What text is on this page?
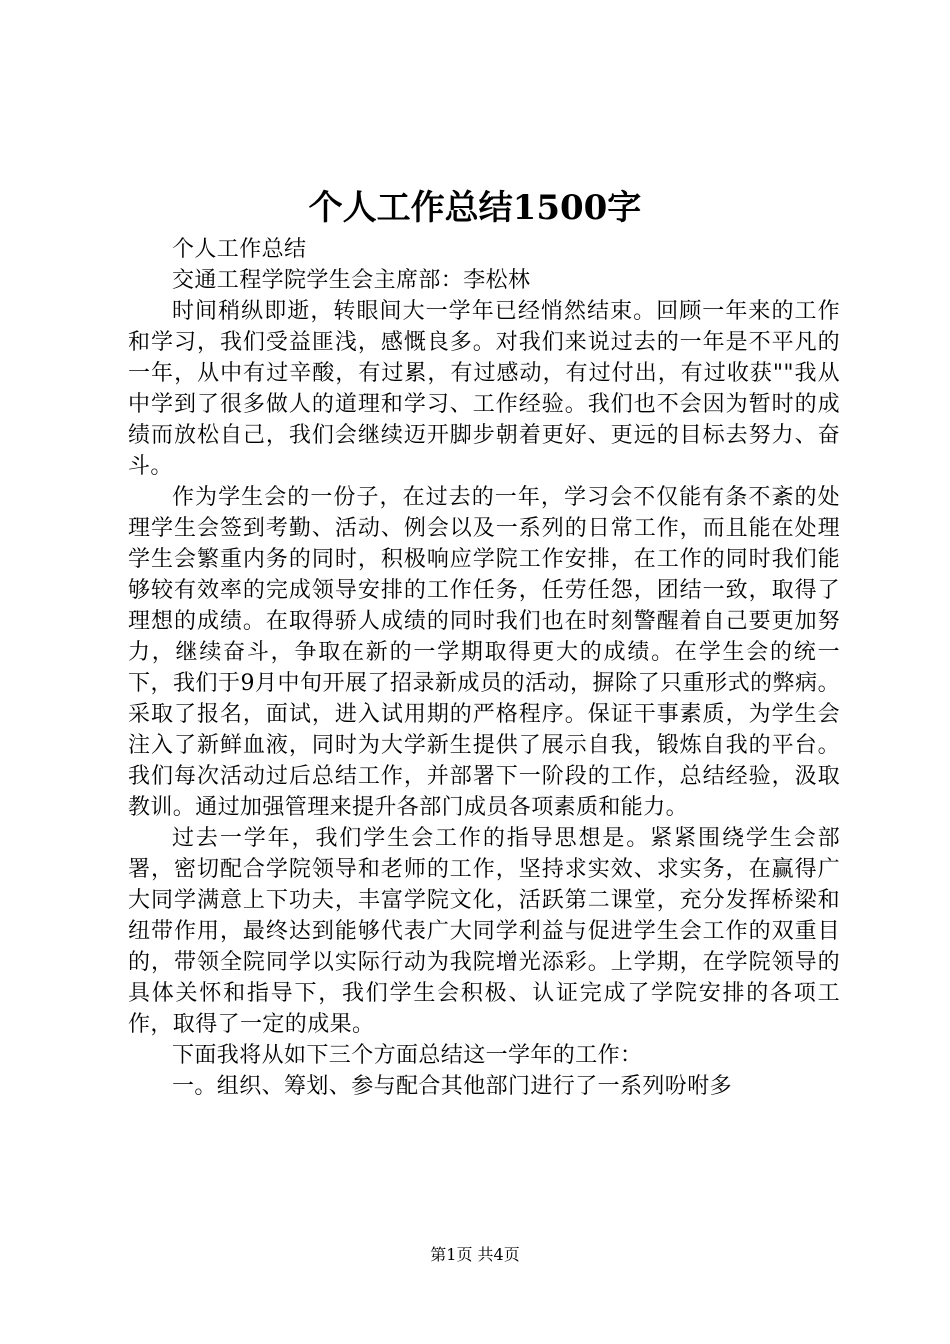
个人工作总结1500字

个人工作总结

交通工程学院学生会主席部：李松林

时间稍纵即逝，转眼间大一学年已经悄然结束。回顾一年来的工作和学习，我们受益匪浅，感慨良多。对我们来说过去的一年是不平凡的一年，从中有过辛酸，有过累，有过感动，有过付出，有过收获""我从中学到了很多做人的道理和学习、工作经验。我们也不会因为暂时的成绩而放松自己，我们会继续迈开脚步朝着更好、更远的目标去努力、奋斗。

作为学生会的一份子，在过去的一年，学习会不仅能有条不紊的处理学生会签到考勤、活动、例会以及一系列的日常工作，而且能在处理学生会繁重内务的同时，积极响应学院工作安排，在工作的同时我们能够较有效率的完成领导安排的工作任务，任劳任怨，团结一致，取得了理想的成绩。在取得骄人成绩的同时我们也在时刻警醒着自己要更加努力，继续奋斗，争取在新的一学期取得更大的成绩。在学生会的统一下，我们于9月中旬开展了招录新成员的活动，摒除了只重形式的弊病。采取了报名，面试，进入试用期的严格程序。保证干事素质，为学生会注入了新鲜血液，同时为大学新生提供了展示自我，锻炼自我的平台。我们每次活动过后总结工作，并部署下一阶段的工作，总结经验，汲取教训。通过加强管理来提升各部门成员各项素质和能力。

过去一学年，我们学生会工作的指导思想是。紧紧围绕学生会部署，密切配合学院领导和老师的工作，坚持求实效、求实务，在赢得广大同学满意上下功夫，丰富学院文化，活跃第二课堂，充分发挥桥梁和纽带作用，最终达到能够代表广大同学利益与促进学生会工作的双重目的，带领全院同学以实际行动为我院增光添彩。上学期，在学院领导的具体关怀和指导下，我们学生会积极、认证完成了学院安排的各项工作，取得了一定的成果。

下面我将从如下三个方面总结这一学年的工作：

一。组织、筹划、参与配合其他部门进行了一系列吩咐多

第1页 共4页
